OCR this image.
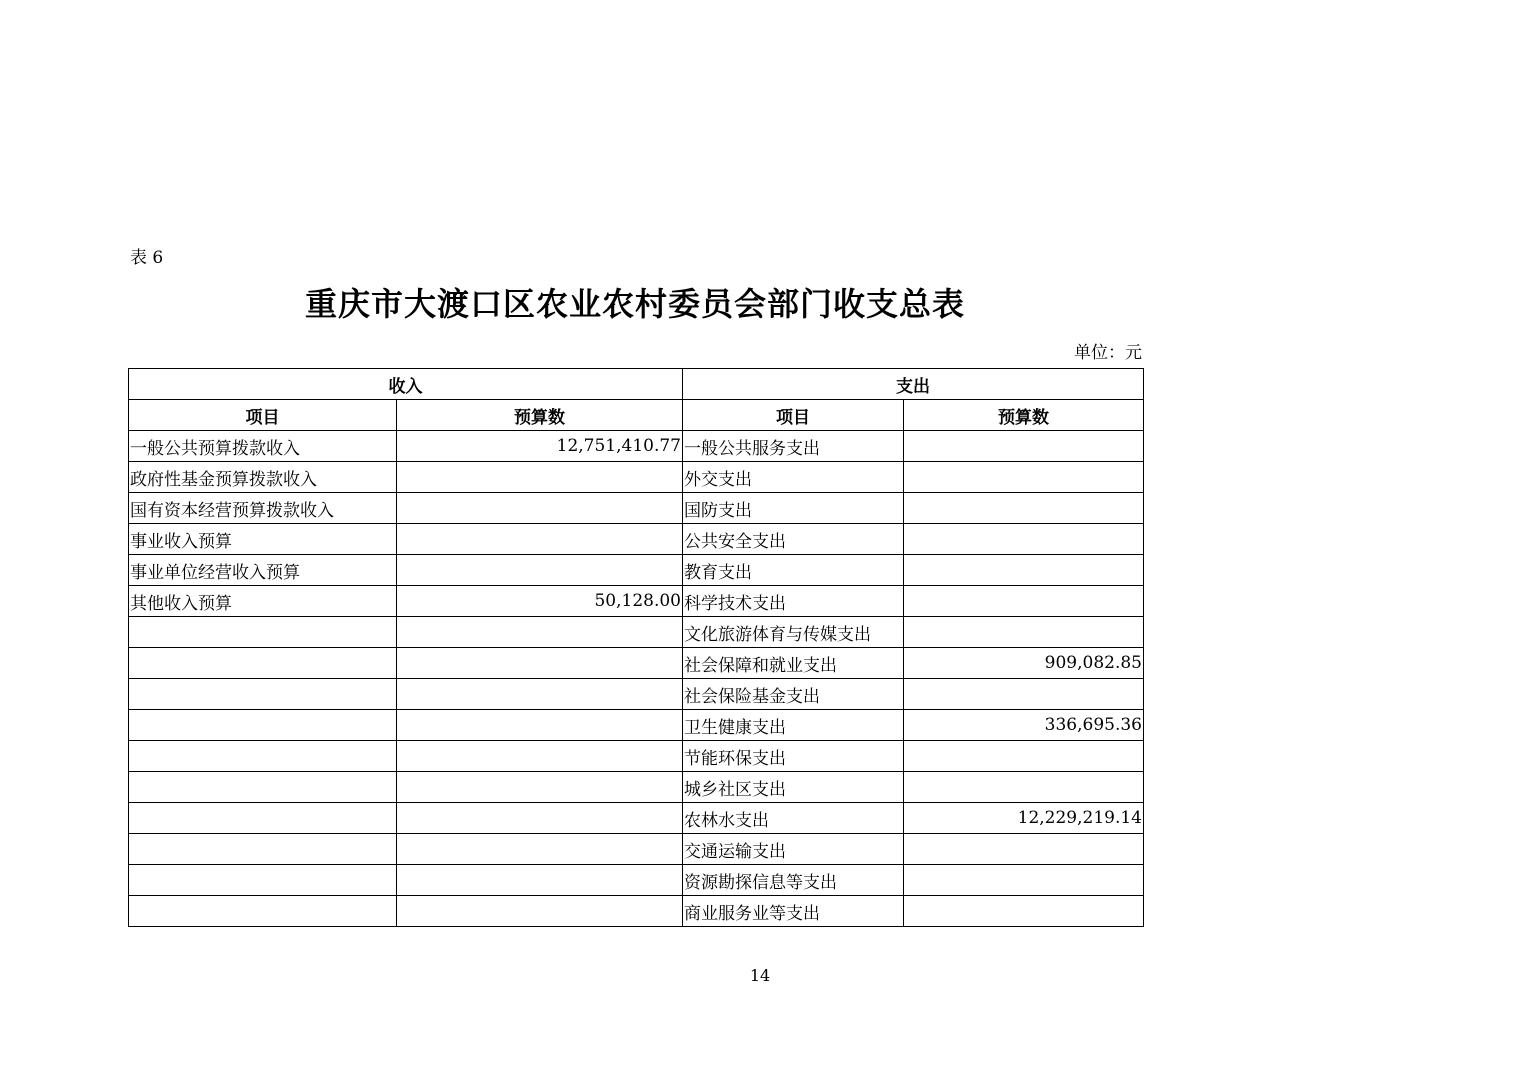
表 6
重庆市大渡口区农业农村委员会部门收支总表
单位：元
收入		支出	
项目	预算数	项目	预算数
一般公共预算拨款收入	12,751,410.77	一般公共服务支出	
政府性基金预算拨款收入		外交支出	
国有资本经营预算拨款收入		国防支出	
事业收入预算		公共安全支出	
事业单位经营收入预算		教育支出	
其他收入预算	50,128.00	科学技术支出	
		文化旅游体育与传媒支出	
		社会保障和就业支出	909,082.85
		社会保险基金支出	
		卫生健康支出	336,695.36
		节能环保支出	
		城乡社区支出	
		农林水支出	12,229,219.14
		交通运输支出	
		资源勘探信息等支出	
		商业服务业等支出	
14
